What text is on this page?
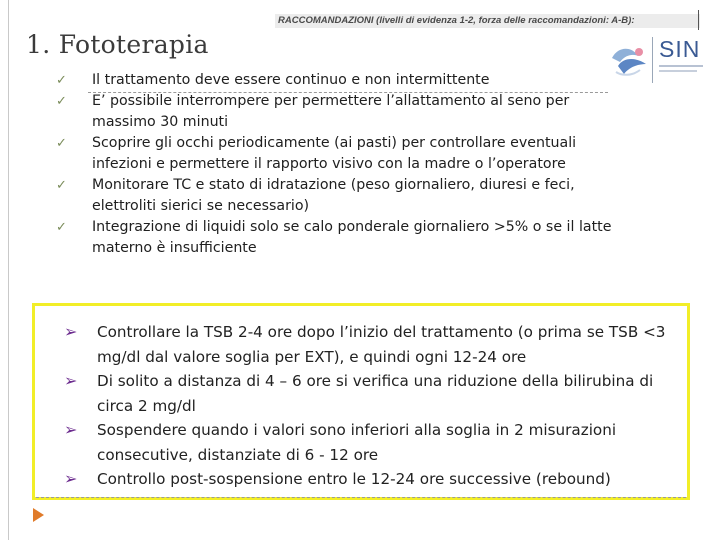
1. Fototerapia
RACCOMANDAZIONI (livelli di evidenza 1-2, forza delle raccomandazioni: A-B):
SIN
✓ Il trattamento deve essere continuo e non intermittente
✓ E’ possibile interrompere per permettere l’allattamento al seno per massimo 30 minuti
✓ Scoprire gli occhi periodicamente (ai pasti) per controllare eventuali infezioni e permettere il rapporto visivo con la madre o l’operatore
✓ Monitorare TC e stato di idratazione (peso giornaliero, diuresi e feci, elettroliti sierici se necessario)
✓ Integrazione di liquidi solo se calo ponderale giornaliero >5% o se il latte materno è insufficiente
➢ Controllare la TSB 2-4 ore dopo l’inizio del trattamento (o prima se TSB <3 mg/dl dal valore soglia per EXT), e quindi ogni 12-24 ore
➢ Di solito a distanza di 4 – 6 ore si verifica una riduzione della bilirubina di circa 2 mg/dl
➢ Sospendere quando i valori sono inferiori alla soglia in 2 misurazioni consecutive, distanziate di 6 - 12 ore
➢ Controllo post-sospensione entro le 12-24 ore successive (rebound)
